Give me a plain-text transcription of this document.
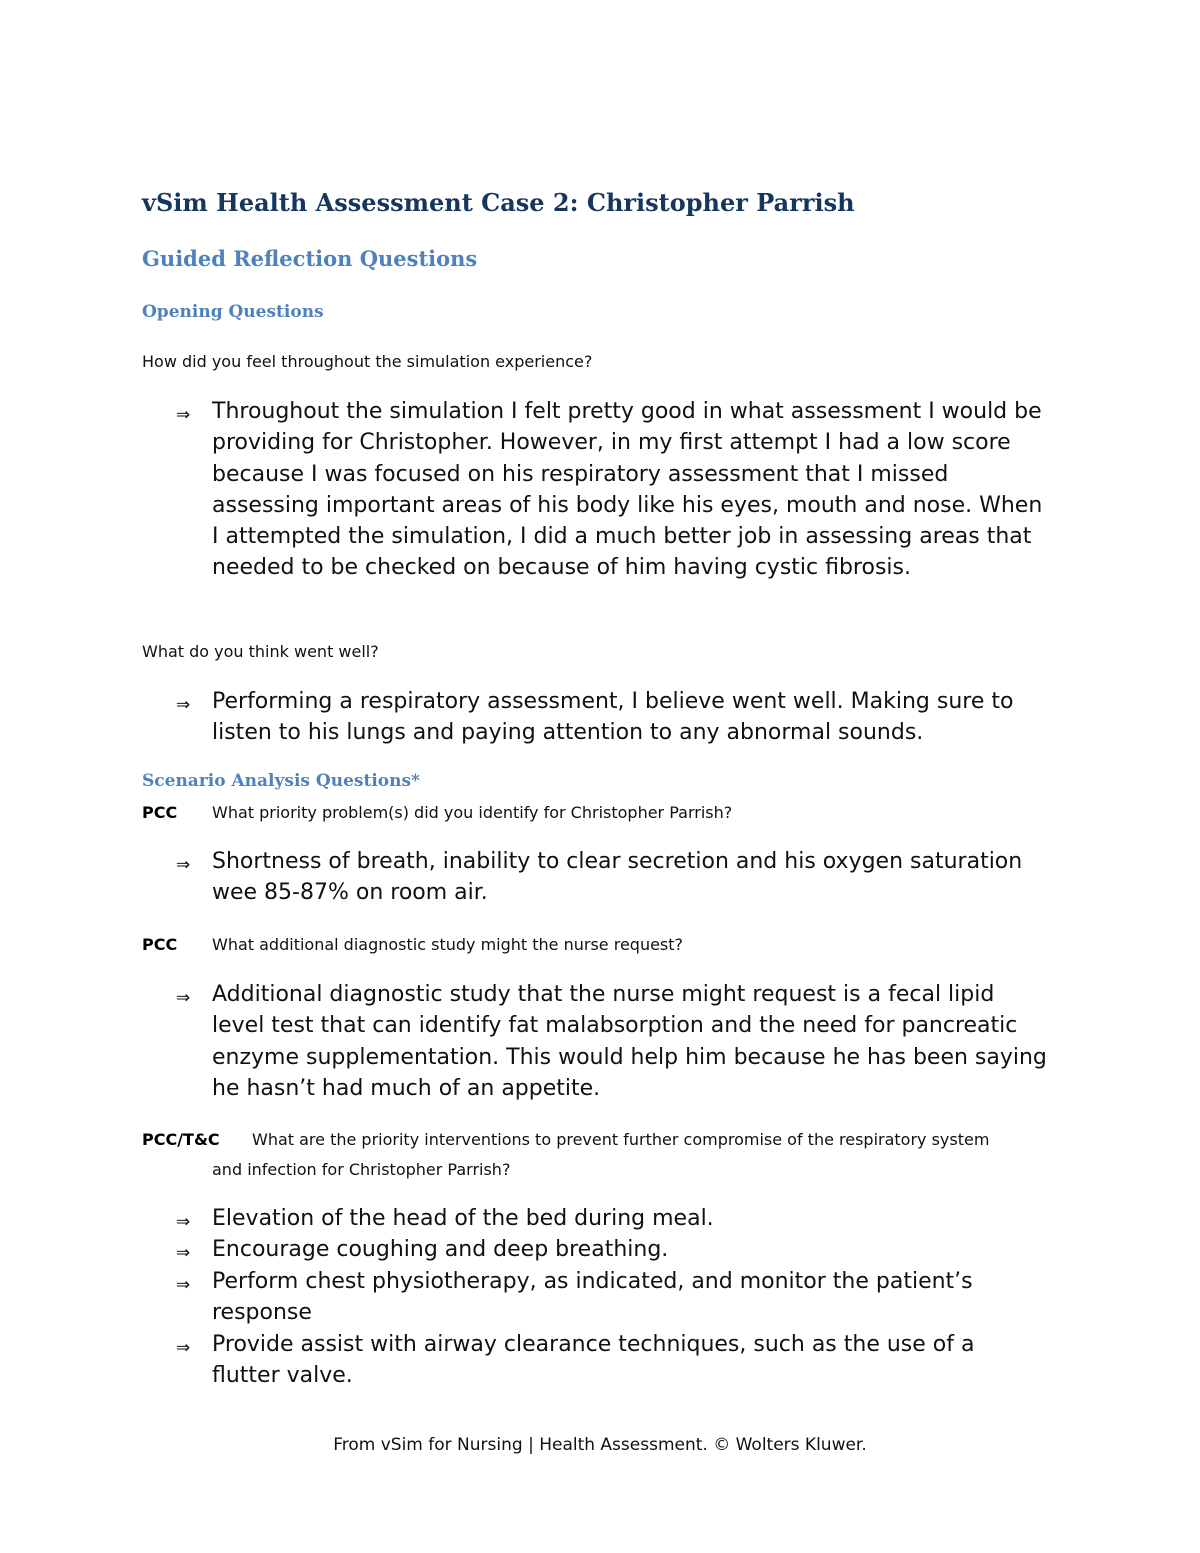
vSim Health Assessment Case 2: Christopher Parrish
Guided Reflection Questions
Opening Questions
How did you feel throughout the simulation experience?
⇒ Throughout the simulation I felt pretty good in what assessment I would be providing for Christopher. However, in my first attempt I had a low score because I was focused on his respiratory assessment that I missed assessing important areas of his body like his eyes, mouth and nose. When I attempted the simulation, I did a much better job in assessing areas that needed to be checked on because of him having cystic fibrosis.
What do you think went well?
⇒ Performing a respiratory assessment, I believe went well. Making sure to listen to his lungs and paying attention to any abnormal sounds.
Scenario Analysis Questions*
PCC What priority problem(s) did you identify for Christopher Parrish?
⇒ Shortness of breath, inability to clear secretion and his oxygen saturation wee 85-87% on room air.
PCC What additional diagnostic study might the nurse request?
⇒ Additional diagnostic study that the nurse might request is a fecal lipid level test that can identify fat malabsorption and the need for pancreatic enzyme supplementation. This would help him because he has been saying he hasn’t had much of an appetite.
PCC/T&C What are the priority interventions to prevent further compromise of the respiratory system
and infection for Christopher Parrish?
⇒ Elevation of the head of the bed during meal.
⇒ Encourage coughing and deep breathing.
⇒ Perform chest physiotherapy, as indicated, and monitor the patient’s response
⇒ Provide assist with airway clearance techniques, such as the use of a flutter valve.
From vSim for Nursing | Health Assessment. © Wolters Kluwer.
